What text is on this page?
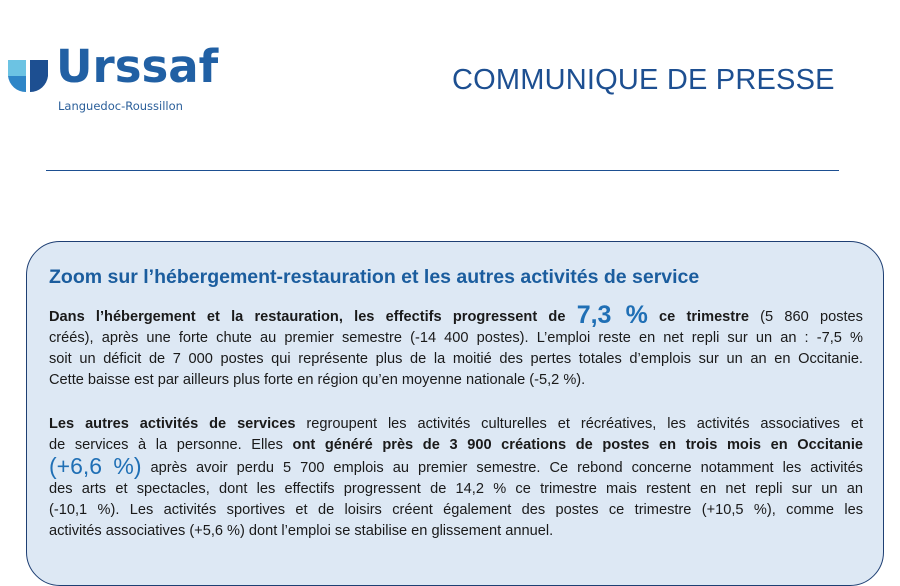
Urssaf
Languedoc-Roussillon
COMMUNIQUE DE PRESSE
Zoom sur l’hébergement-restauration et les autres activités de service
Dans l’hébergement et la restauration, les effectifs progressent de 7,3 % ce trimestre (5 860 postes
créés), après une forte chute au premier semestre (-14 400 postes). L’emploi reste en net repli sur un an : -7,5 %
soit un déficit de 7 000 postes qui représente plus de la moitié des pertes totales d’emplois sur un an en Occitanie.
Cette baisse est par ailleurs plus forte en région qu’en moyenne nationale (-5,2 %).
Les autres activités de services regroupent les activités culturelles et récréatives, les activités associatives et
de services à la personne. Elles ont généré près de 3 900 créations de postes en trois mois en Occitanie
(+6,6 %) après avoir perdu 5 700 emplois au premier semestre. Ce rebond concerne notamment les activités
des arts et spectacles, dont les effectifs progressent de 14,2 % ce trimestre mais restent en net repli sur un an
(-10,1 %). Les activités sportives et de loisirs créent également des postes ce trimestre (+10,5 %), comme les
activités associatives (+5,6 %) dont l’emploi se stabilise en glissement annuel.
